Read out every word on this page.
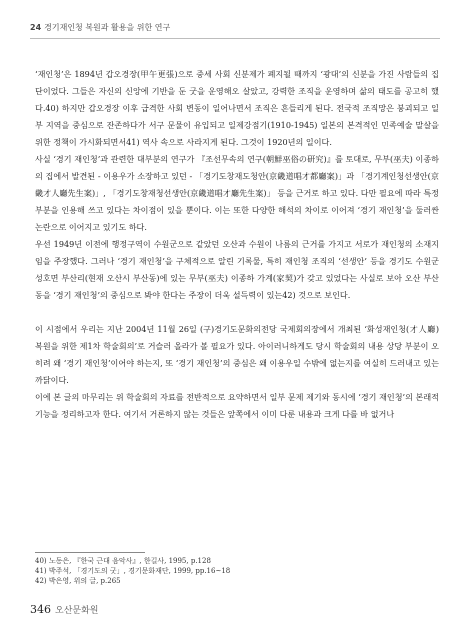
24 경기재인청 복원과 활용을 위한 연구

‘재인청’은 1894년 갑오경장(甲午更張)으로 중세 사회 신분제가 폐지될 때까지 ‘광대’의 신분을 가진 사람들의 집단이었다. 그들은 자신의 신앙에 기반을 둔 굿을 운영해오 살았고, 강력한 조직을 운영하며 삶의 태도를 공고히 했다.40) 하지만 갑오경장 이후 급격한 사회 변동이 일어나면서 조직은 흔들리게 된다. 전국적 조직망은 붕괴되고 일부 지역을 중심으로 잔존하다가 서구 문물이 유입되고 일제강점기(1910-1945) 일본의 본격적인 민족예술 말살을 위한 정책이 가시화되면서41) 역사 속으로 사라지게 된다. 그것이 1920년의 일이다.

사실 ‘경기 재인청’과 관련한 대부분의 연구가 『조선무속의 연구(朝鮮巫俗の研究)』를 토대로, 무부(巫夫) 이종하의 집에서 발견된 - 이용우가 소장하고 있던 - 「경기도창재도청안(京畿道唱才都廳案)」과 「경기계인청선생안(京畿才人廳先生案)」, 「경기도창재청선생안(京畿道唱才廳先生案)」 등을 근거로 하고 있다. 다만 필요에 따라 특정 부분을 인용해 쓰고 있다는 차이점이 있을 뿐이다. 이는 또한 다양한 해석의 차이로 이어져 ‘경기 재인청’을 둘러싼 논란으로 이어지고 있기도 하다.

우선 1949년 이전에 행정구역이 수원군으로 같았던 오산과 수원이 나름의 근거를 가지고 서로가 재인청의 소재지임을 주장했다. 그러나 ‘경기 재인청’을 구체적으로 알린 기록물, 특히 재인청 조직의 ‘선생안’ 등을 경기도 수원군 성호면 부산리(현재 오산시 부산동)에 있는 무부(巫夫) 이종하 가계(家契)가 갖고 있었다는 사실로 보아 오산 부산동을 ‘경기 재인청’의 중심으로 봐야 한다는 주장이 더욱 설득력이 있는42) 것으로 보인다.

이 시점에서 우리는 지난 2004년 11월 26일 (구)경기도문화의전당 국제회의장에서 개최된 ‘화성재인청(才人廳) 복원을 위한 제1차 학술회의’로 거슬러 올라가 볼 필요가 있다. 아이러니하게도 당시 학술회의 내용 상당 부분이 오히려 왜 ‘경기 재인청’이어야 하는지, 또 ‘경기 재인청’의 중심은 왜 이용우일 수밖에 없는지를 여실히 드러내고 있는 까닭이다.

이에 본 글의 마무리는 위 학술회의 자료를 전반적으로 요약하면서 일부 문제 제기와 동시에 ‘경기 재인청’의 본래적 기능을 정리하고자 한다. 여기서 거론하지 않는 것들은 앞쪽에서 이미 다룬 내용과 크게 다를 바 없거나

40) 노동은, 『한국 근대 음악사』, 한길사, 1995, p.128
41) 박주석, 「경기도의 굿」, 경기문화재단, 1999, pp.16~18
42) 박은영, 위의 글, p.265
346 오산문화원
